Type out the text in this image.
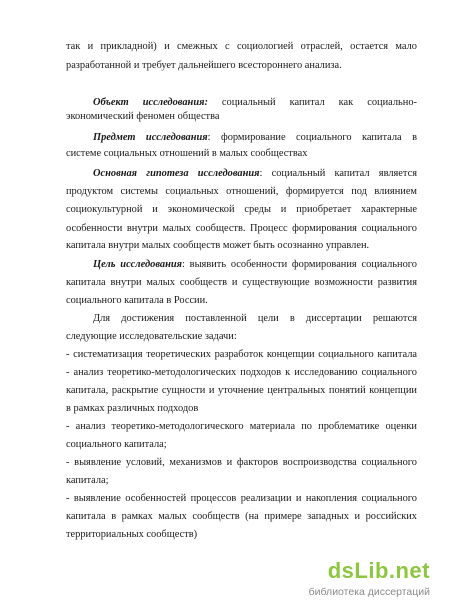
так и прикладной) и смежных с социологией отраслей, остается мало
разработанной и требует дальнейшего всестороннего анализа.
Объект исследования: социальный капитал как социально-
экономический феномен общества
Предмет исследования: формирование социального капитала в
системе социальных отношений в малых сообществах
Основная гипотеза исследования: социальный капитал является
продуктом системы социальных отношений, формируется под влиянием
социокультурной и экономической среды и приобретает характерные
особенности внутри малых сообществ. Процесс формирования социального
капитала внутри малых сообществ может быть осознанно управлен.
Цель исследования: выявить особенности формирования социального
капитала внутри малых сообществ и существующие возможности развития
социального капитала в России.
Для достижения поставленной цели в диссертации решаются
следующие исследовательские задачи:
- систематизация теоретических разработок концепции социального капитала
- анализ теоретико-методологических подходов к исследованию социального
капитала, раскрытие сущности и уточнение центральных понятий концепции
в рамках различных подходов
- анализ теоретико-методологического материала по проблематике оценки
социального капитала;
- выявление условий, механизмов и факторов воспроизводства социального
капитала;
- выявление особенностей процессов реализации и накопления социального
капитала в рамках малых сообществ (на примере западных и российских
территориальных сообществ)
dsLib.net
библиотека диссертаций
